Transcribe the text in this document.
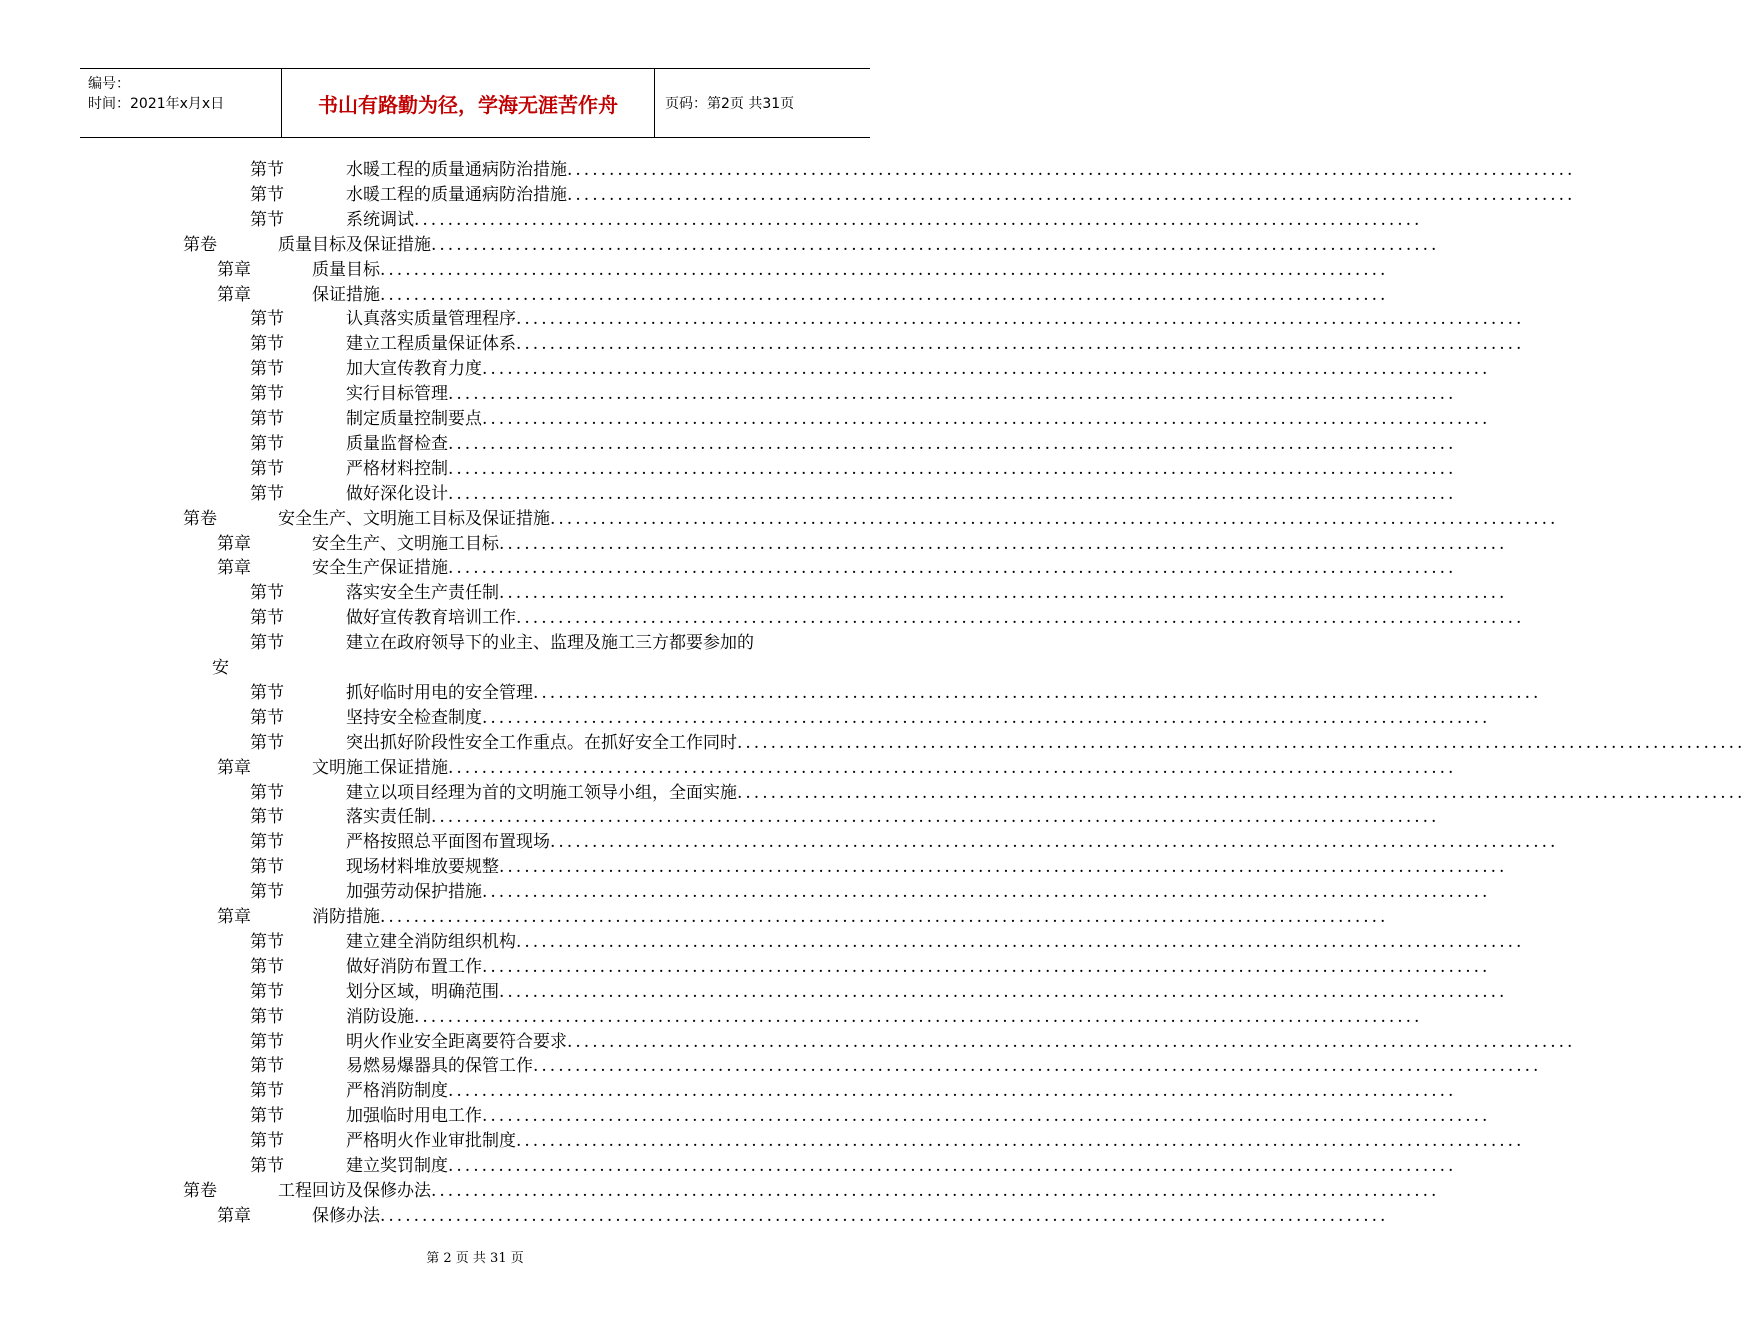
编号：
时间：2021年x月x日	书山有路勤为径，学海无涯苦作舟	页码：第2页 共31页
第节	水暖工程的质量通病防治措施 ........................................................................................................................
第节	水暖工程的质量通病防治措施 ........................................................................................................................
第节	系统调试 ........................................................................................................................
第卷	质量目标及保证措施 ........................................................................................................................
第章	质量目标 ........................................................................................................................
第章	保证措施 ........................................................................................................................
第节	认真落实质量管理程序 ........................................................................................................................
第节	建立工程质量保证体系 ........................................................................................................................
第节	加大宣传教育力度 ........................................................................................................................
第节	实行目标管理 ........................................................................................................................
第节	制定质量控制要点 ........................................................................................................................
第节	质量监督检查 ........................................................................................................................
第节	严格材料控制 ........................................................................................................................
第节	做好深化设计 ........................................................................................................................
第卷	安全生产、文明施工目标及保证措施 ........................................................................................................................
第章	安全生产、文明施工目标 ........................................................................................................................
第章	安全生产保证措施 ........................................................................................................................
第节	落实安全生产责任制 ........................................................................................................................
第节	做好宣传教育培训工作 ........................................................................................................................
第节	建立在政府领导下的业主、监理及施工三方都要参加的
安
第节	抓好临时用电的安全管理 ........................................................................................................................
第节	坚持安全检查制度 ........................................................................................................................
第节	突出抓好阶段性安全工作重点。在抓好安全工作同时 ........................................................................................................................
第章	文明施工保证措施 ........................................................................................................................
第节	建立以项目经理为首的文明施工领导小组，全面实施 ........................................................................................................................
第节	落实责任制 ........................................................................................................................
第节	严格按照总平面图布置现场 ........................................................................................................................
第节	现场材料堆放要规整 ........................................................................................................................
第节	加强劳动保护措施 ........................................................................................................................
第章	消防措施 ........................................................................................................................
第节	建立建全消防组织机构 ........................................................................................................................
第节	做好消防布置工作 ........................................................................................................................
第节	划分区域，明确范围 ........................................................................................................................
第节	消防设施 ........................................................................................................................
第节	明火作业安全距离要符合要求 ........................................................................................................................
第节	易燃易爆器具的保管工作 ........................................................................................................................
第节	严格消防制度 ........................................................................................................................
第节	加强临时用电工作 ........................................................................................................................
第节	严格明火作业审批制度 ........................................................................................................................
第节	建立奖罚制度 ........................................................................................................................
第卷	工程回访及保修办法 ........................................................................................................................
第章	保修办法 ........................................................................................................................
第 2 页 共 31 页
